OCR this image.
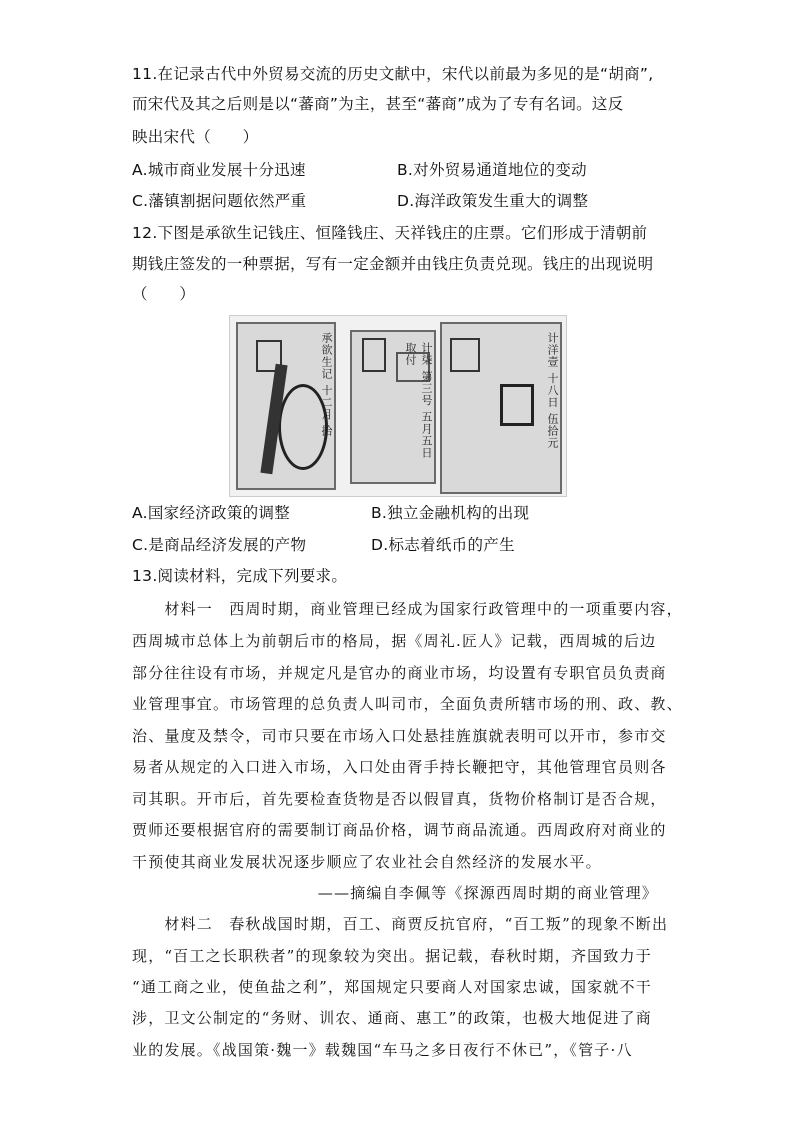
11.在记录古代中外贸易交流的历史文献中，宋代以前最为多见的是“胡商”,
而宋代及其之后则是以“蕃商”为主，甚至“蕃商”成为了专有名词。这反
映出宋代（　　）
A.城市商业发展十分迅速	B.对外贸易通道地位的变动
C.藩镇割据问题依然严重	D.海洋政策发生重大的调整
12.下图是承欲生记钱庄、恒隆钱庄、天祥钱庄的庄票。它们形成于清朝前
期钱庄签发的一种票据，写有一定金额并由钱庄负责兑现。钱庄的出现说明
（　　）
承欲生记 十二月 拾	计柒 第三号 五月五日 取付	计洋壹 十八日 伍拾元
A.国家经济政策的调整	B.独立金融机构的出现
C.是商品经济发展的产物	D.标志着纸币的产生
13.阅读材料，完成下列要求。
　　材料一　西周时期，商业管理已经成为国家行政管理中的一项重要内容，
西周城市总体上为前朝后市的格局，据《周礼.匠人》记载，西周城的后边
部分往往设有市场，并规定凡是官办的商业市场，均设置有专职官员负责商
业管理事宜。市场管理的总负责人叫司市，全面负责所辖市场的刑、政、教、
治、量度及禁令，司市只要在市场入口处悬挂旌旗就表明可以开市，参市交
易者从规定的入口进入市场，入口处由胥手持长鞭把守，其他管理官员则各
司其职。开市后，首先要检查货物是否以假冒真，货物价格制订是否合规，
贾师还要根据官府的需要制订商品价格，调节商品流通。西周政府对商业的
干预使其商业发展状况逐步顺应了农业社会自然经济的发展水平。
——摘编自李佩等《探源西周时期的商业管理》
　　材料二　春秋战国时期，百工、商贾反抗官府，“百工叛”的现象不断出
现，“百工之长职秩者”的现象较为突出。据记载，春秋时期，齐国致力于
“通工商之业，使鱼盐之利”，郑国规定只要商人对国家忠诚，国家就不干
涉，卫文公制定的“务财、训农、通商、惠工”的政策，也极大地促进了商
业的发展。《战国策·魏一》载魏国“车马之多日夜行不休已”，《管子·八
